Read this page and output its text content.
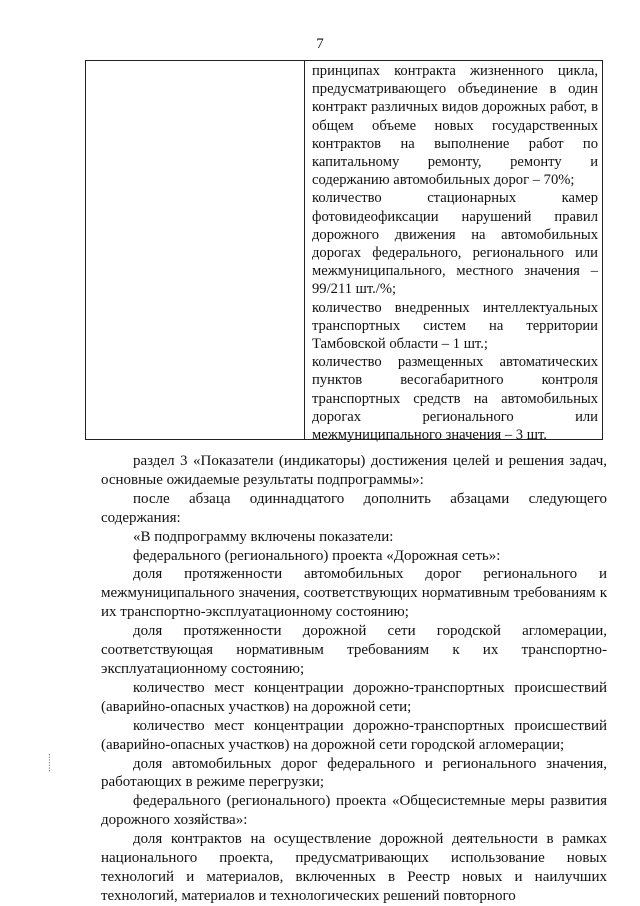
7

принципах контракта жизненного цикла, предусматривающего объединение в один контракт различных видов дорожных работ, в общем объеме новых государственных контрактов на выполнение работ по капитальному ремонту, ремонту и содержанию автомобильных дорог – 70%;

количество стационарных камер фотовидеофиксации нарушений правил дорожного движения на автомобильных дорогах федерального, регионального или межмуниципального, местного значения – 99/211 шт./%;

количество внедренных интеллектуальных транспортных систем на территории Тамбовской области – 1 шт.;

количество размещенных автоматических пунктов весогабаритного контроля транспортных средств на автомобильных дорогах регионального или межмуниципального значения – 3 шт.

раздел 3 «Показатели (индикаторы) достижения целей и решения задач, основные ожидаемые результаты подпрограммы»:

после абзаца одиннадцатого дополнить абзацами следующего содержания:

«В подпрограмму включены показатели:

федерального (регионального) проекта «Дорожная сеть»:

доля протяженности автомобильных дорог регионального и межмуниципального значения, соответствующих нормативным требованиям к их транспортно-эксплуатационному состоянию;

доля протяженности дорожной сети городской агломерации, соответствующая нормативным требованиям к их транспортно-эксплуатационному состоянию;

количество мест концентрации дорожно-транспортных происшествий (аварийно-опасных участков) на дорожной сети;

количество мест концентрации дорожно-транспортных происшествий (аварийно-опасных участков) на дорожной сети городской агломерации;

доля автомобильных дорог федерального и регионального значения, работающих в режиме перегрузки;

федерального (регионального) проекта «Общесистемные меры развития дорожного хозяйства»:

доля контрактов на осуществление дорожной деятельности в рамках национального проекта, предусматривающих использование новых технологий и материалов, включенных в Реестр новых и наилучших технологий, материалов и технологических решений повторного

⸱⸱⸱⸱⸱⸱⸱
